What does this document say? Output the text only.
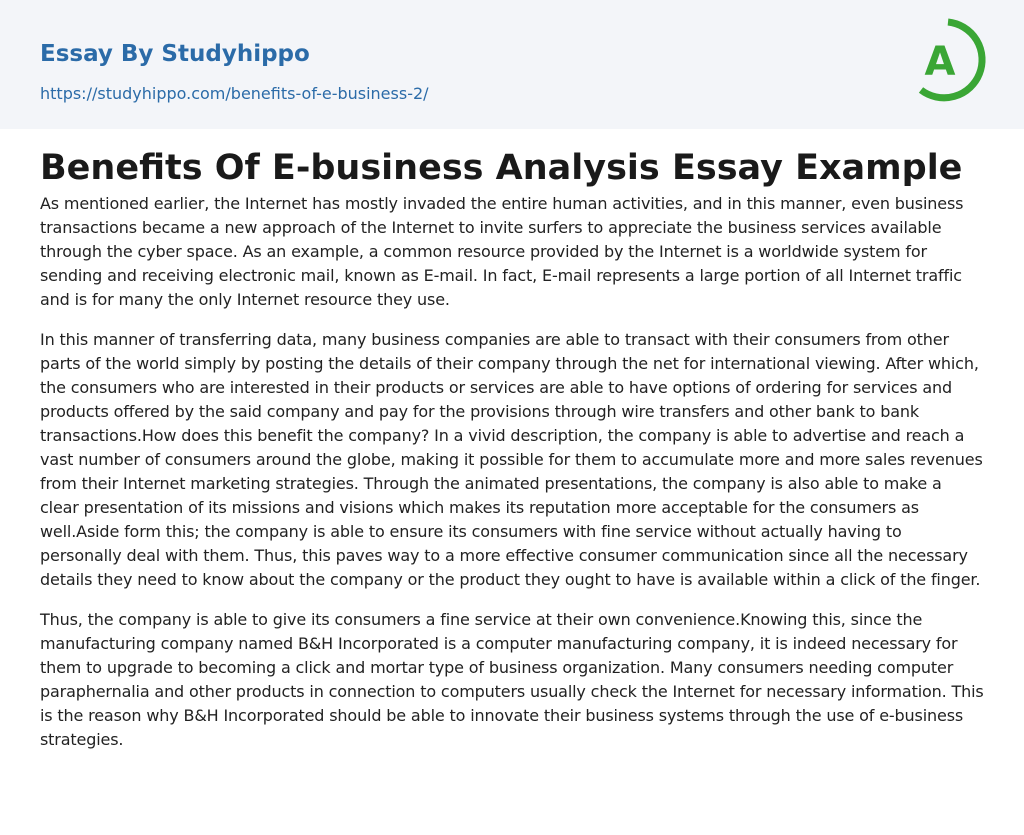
Essay By Studyhippo
https://studyhippo.com/benefits-of-e-business-2/
A
Benefits Of E-business Analysis Essay Example

As mentioned earlier, the Internet has mostly invaded the entire human activities, and in this manner, even business transactions became a new approach of the Internet to invite surfers to appreciate the business services available through the cyber space. As an example, a common resource provided by the Internet is a worldwide system for sending and receiving electronic mail, known as E-mail. In fact, E-mail represents a large portion of all Internet traffic and is for many the only Internet resource they use.

In this manner of transferring data, many business companies are able to transact with their consumers from other parts of the world simply by posting the details of their company through the net for international viewing. After which, the consumers who are interested in their products or services are able to have options of ordering for services and products offered by the said company and pay for the provisions through wire transfers and other bank to bank transactions.How does this benefit the company? In a vivid description, the company is able to advertise and reach a vast number of consumers around the globe, making it possible for them to accumulate more and more sales revenues from their Internet marketing strategies. Through the animated presentations, the company is also able to make a clear presentation of its missions and visions which makes its reputation more acceptable for the consumers as well.Aside form this; the company is able to ensure its consumers with fine service without actually having to personally deal with them. Thus, this paves way to a more effective consumer communication since all the necessary details they need to know about the company or the product they ought to have is available within a click of the finger.

Thus, the company is able to give its consumers a fine service at their own convenience.Knowing this, since the manufacturing company named B&H Incorporated is a computer manufacturing company, it is indeed necessary for them to upgrade to becoming a click and mortar type of business organization. Many consumers needing computer paraphernalia and other products in connection to computers usually check the Internet for necessary information. This is the reason why B&H Incorporated should be able to innovate their business systems through the use of e-business strategies.
